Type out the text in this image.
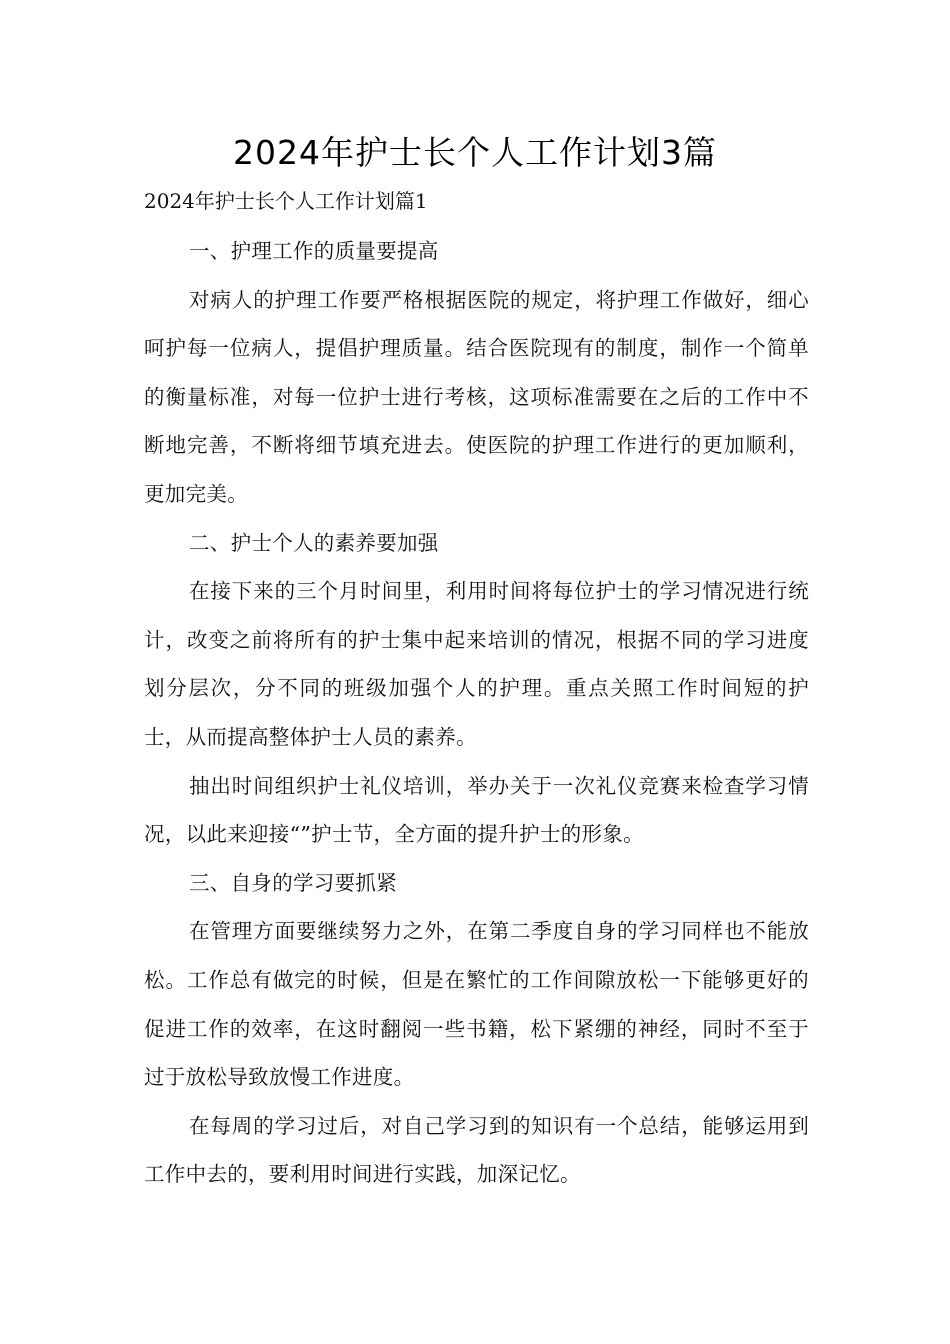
2024年护士长个人工作计划3篇
2024年护士长个人工作计划篇1

一、护理工作的质量要提高

对病人的护理工作要严格根据医院的规定，将护理工作做好，细心呵护每一位病人，提倡护理质量。结合医院现有的制度，制作一个简单的衡量标准，对每一位护士进行考核，这项标准需要在之后的工作中不断地完善，不断将细节填充进去。使医院的护理工作进行的更加顺利，更加完美。

二、护士个人的素养要加强

在接下来的三个月时间里，利用时间将每位护士的学习情况进行统计，改变之前将所有的护士集中起来培训的情况，根据不同的学习进度划分层次，分不同的班级加强个人的护理。重点关照工作时间短的护士，从而提高整体护士人员的素养。

抽出时间组织护士礼仪培训，举办关于一次礼仪竞赛来检查学习情况，以此来迎接“”护士节，全方面的提升护士的形象。

三、自身的学习要抓紧

在管理方面要继续努力之外，在第二季度自身的学习同样也不能放松。工作总有做完的时候，但是在繁忙的工作间隙放松一下能够更好的促进工作的效率，在这时翻阅一些书籍，松下紧绷的神经，同时不至于过于放松导致放慢工作进度。

在每周的学习过后，对自己学习到的知识有一个总结，能够运用到工作中去的，要利用时间进行实践，加深记忆。
